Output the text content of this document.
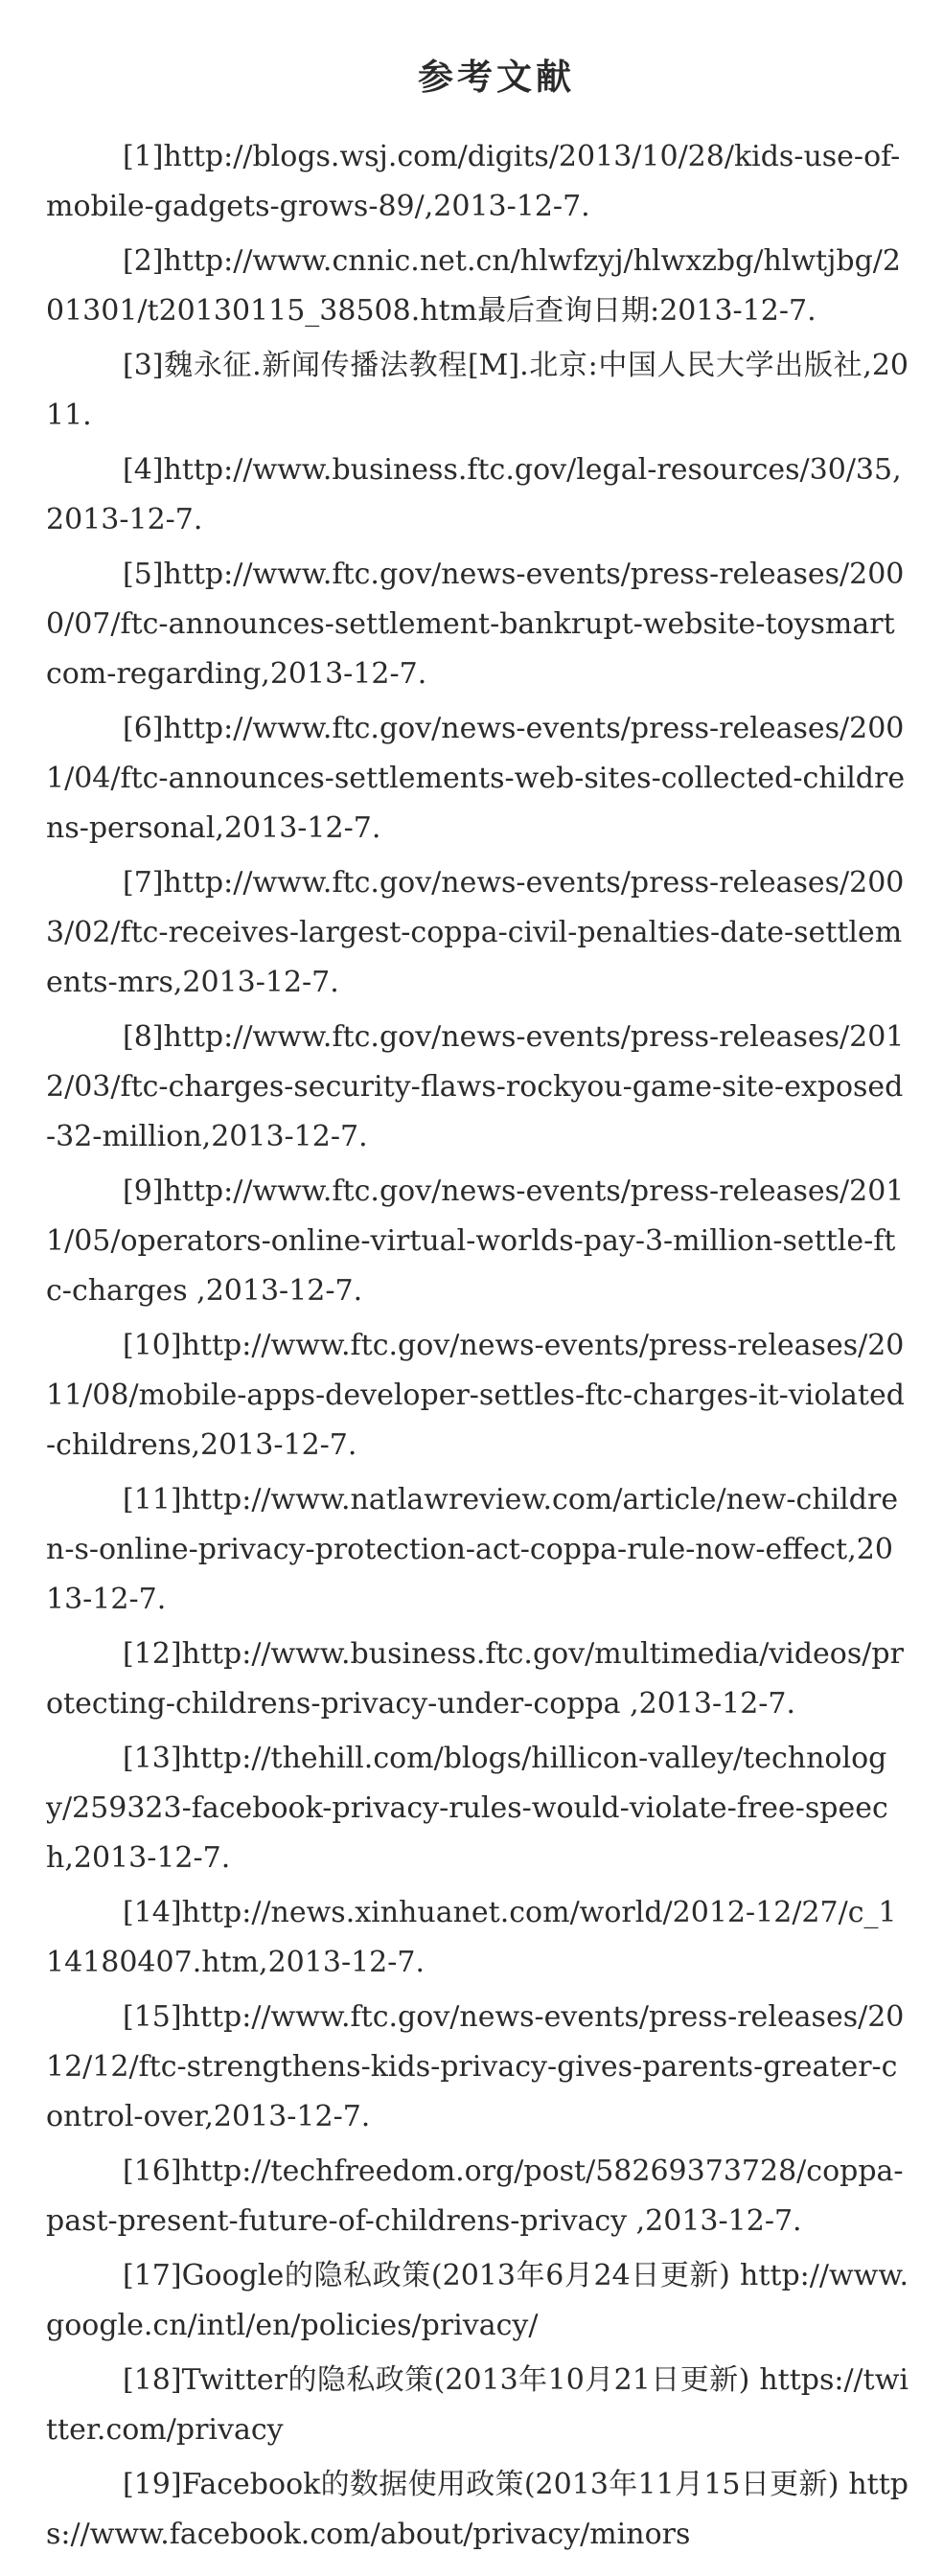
参考文献
[1]http://blogs.wsj.com/digits/2013/10/28/kids-use-of-mobile-gadgets-grows-89/,2013-12-7.
[2]http://www.cnnic.net.cn/hlwfzyj/hlwxzbg/hlwtjbg/201301/t20130115_38508.htm最后查询日期:2013-12-7.
[3]魏永征.新闻传播法教程[M].北京:中国人民大学出版社,2011.
[4]http://www.business.ftc.gov/legal-resources/30/35,2013-12-7.
[5]http://www.ftc.gov/news-events/press-releases/2000/07/ftc-announces-settlement-bankrupt-website-toysmartcom-regarding,2013-12-7.
[6]http://www.ftc.gov/news-events/press-releases/2001/04/ftc-announces-settlements-web-sites-collected-childrens-personal,2013-12-7.
[7]http://www.ftc.gov/news-events/press-releases/2003/02/ftc-receives-largest-coppa-civil-penalties-date-settlements-mrs,2013-12-7.
[8]http://www.ftc.gov/news-events/press-releases/2012/03/ftc-charges-security-flaws-rockyou-game-site-exposed-32-million,2013-12-7.
[9]http://www.ftc.gov/news-events/press-releases/2011/05/operators-online-virtual-worlds-pay-3-million-settle-ftc-charges ,2013-12-7.
[10]http://www.ftc.gov/news-events/press-releases/2011/08/mobile-apps-developer-settles-ftc-charges-it-violated-childrens,2013-12-7.
[11]http://www.natlawreview.com/article/new-children-s-online-privacy-protection-act-coppa-rule-now-effect,2013-12-7.
[12]http://www.business.ftc.gov/multimedia/videos/protecting-childrens-privacy-under-coppa ,2013-12-7.
[13]http://thehill.com/blogs/hillicon-valley/technology/259323-facebook-privacy-rules-would-violate-free-speech,2013-12-7.
[14]http://news.xinhuanet.com/world/2012-12/27/c_114180407.htm,2013-12-7.
[15]http://www.ftc.gov/news-events/press-releases/2012/12/ftc-strengthens-kids-privacy-gives-parents-greater-control-over,2013-12-7.
[16]http://techfreedom.org/post/58269373728/coppa-past-present-future-of-childrens-privacy ,2013-12-7.
[17]Google的隐私政策(2013年6月24日更新) http://www.google.cn/intl/en/policies/privacy/
[18]Twitter的隐私政策(2013年10月21日更新) https://twitter.com/privacy
[19]Facebook的数据使用政策(2013年11月15日更新) https://www.facebook.com/about/privacy/minors
